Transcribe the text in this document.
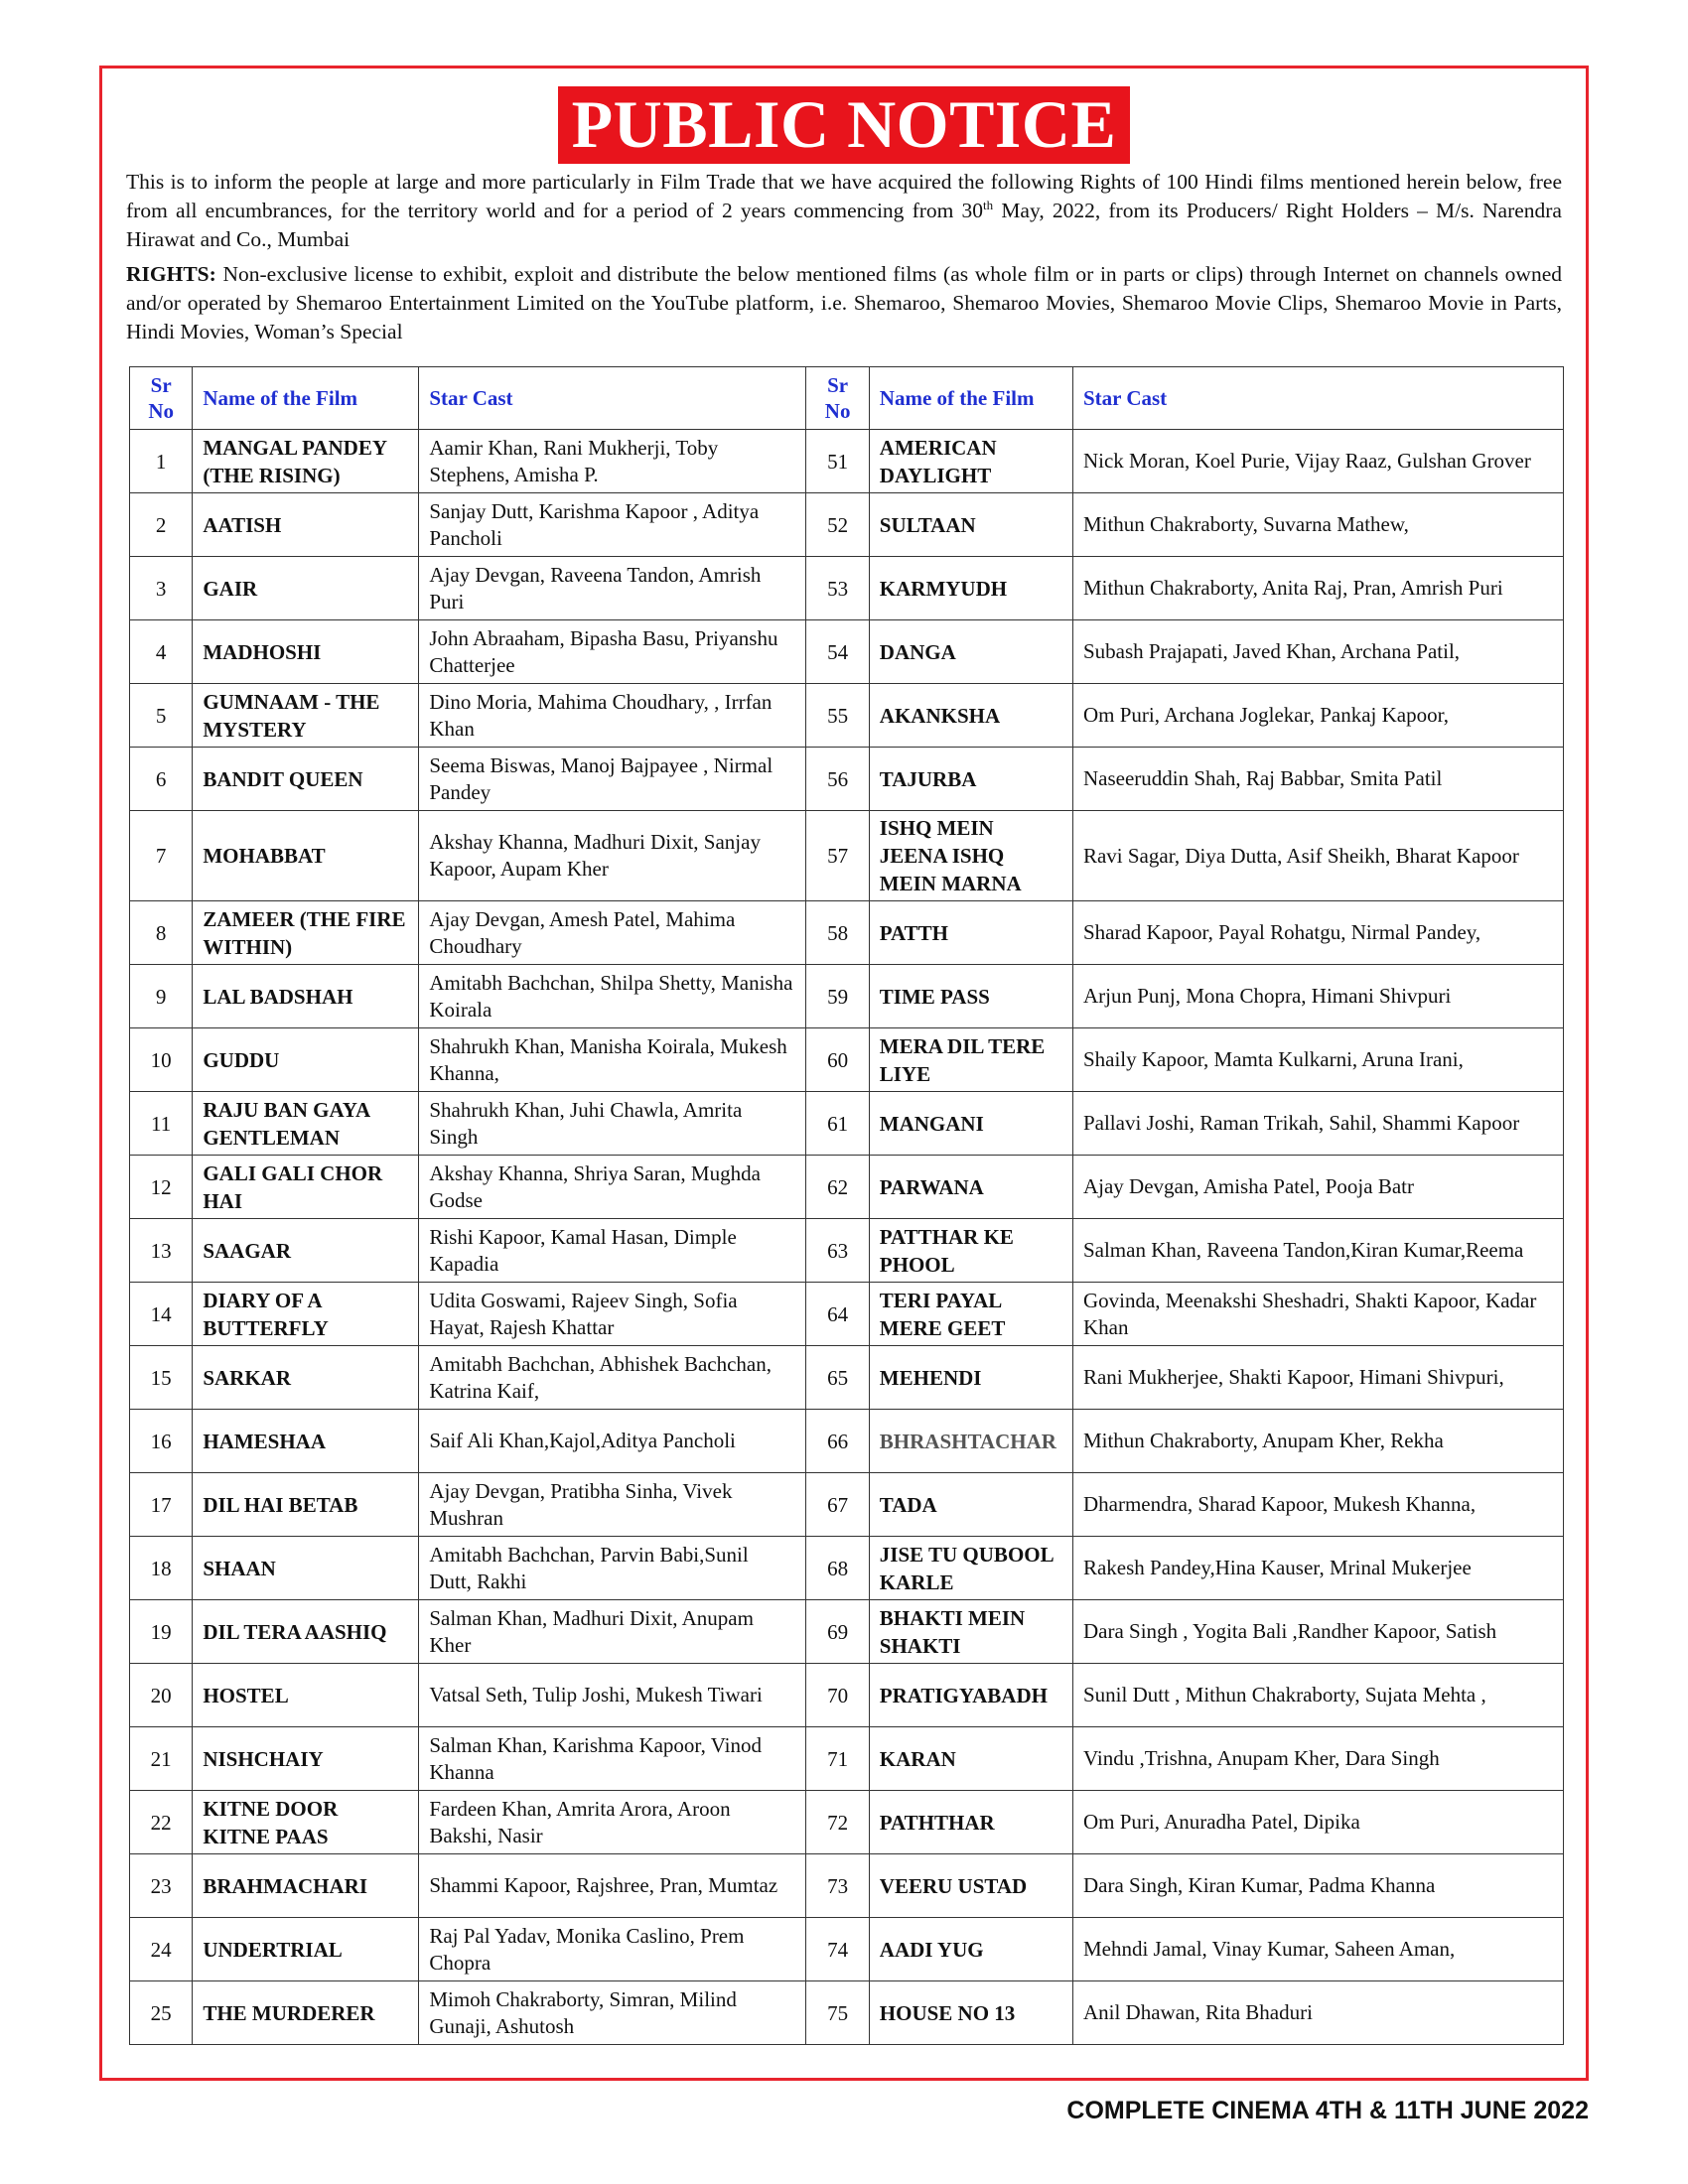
PUBLIC NOTICE

This is to inform the people at large and more particularly in Film Trade that we have acquired the following Rights of 100 Hindi films mentioned herein below, free from all encumbrances, for the territory world and for a period of 2 years commencing from 30th May, 2022, from its Producers/ Right Holders – M/s. Narendra Hirawat and Co., Mumbai

RIGHTS: Non-exclusive license to exhibit, exploit and distribute the below mentioned films (as whole film or in parts or clips) through Internet on channels owned and/or operated by Shemaroo Entertainment Limited on the YouTube platform, i.e. Shemaroo, Shemaroo Movies, Shemaroo Movie Clips, Shemaroo Movie in Parts, Hindi Movies, Woman’s Special

Sr
No	Name of the Film	Star Cast	Sr
No	Name of the Film	Star Cast
1	MANGAL PANDEY (THE RISING)	Aamir Khan, Rani Mukherji, Toby Stephens, Amisha P.	51	AMERICAN DAYLIGHT	Nick Moran, Koel Purie, Vijay Raaz, Gulshan Grover
2	AATISH	Sanjay Dutt, Karishma Kapoor , Aditya Pancholi	52	SULTAAN	Mithun Chakraborty, Suvarna Mathew,
3	GAIR	Ajay Devgan, Raveena Tandon, Amrish Puri	53	KARMYUDH	Mithun Chakraborty, Anita Raj, Pran, Amrish Puri
4	MADHOSHI	John Abraaham, Bipasha Basu, Priyanshu Chatterjee	54	DANGA	Subash Prajapati, Javed Khan, Archana Patil,
5	GUMNAAM - THE MYSTERY	Dino Moria, Mahima Choudhary, , Irrfan Khan	55	AKANKSHA	Om Puri, Archana Joglekar, Pankaj Kapoor,
6	BANDIT QUEEN	Seema Biswas, Manoj Bajpayee , Nirmal Pandey	56	TAJURBA	Naseeruddin Shah, Raj Babbar, Smita Patil
7	MOHABBAT	Akshay Khanna, Madhuri Dixit, Sanjay Kapoor, Aupam Kher	57	ISHQ MEIN JEENA ISHQ MEIN MARNA	Ravi Sagar, Diya Dutta, Asif Sheikh, Bharat Kapoor
8	ZAMEER (THE FIRE WITHIN)	Ajay Devgan, Amesh Patel, Mahima Choudhary	58	PATTH	Sharad Kapoor, Payal Rohatgu, Nirmal Pandey,
9	LAL BADSHAH	Amitabh Bachchan, Shilpa Shetty, Manisha Koirala	59	TIME PASS	Arjun Punj, Mona Chopra, Himani Shivpuri
10	GUDDU	Shahrukh Khan, Manisha Koirala, Mukesh Khanna,	60	MERA DIL TERE LIYE	Shaily Kapoor, Mamta Kulkarni, Aruna Irani,
11	RAJU BAN GAYA GENTLEMAN	Shahrukh Khan, Juhi Chawla, Amrita Singh	61	MANGANI	Pallavi Joshi, Raman Trikah, Sahil, Shammi Kapoor
12	GALI GALI CHOR HAI	Akshay Khanna, Shriya Saran, Mughda Godse	62	PARWANA	Ajay Devgan, Amisha Patel, Pooja Batr
13	SAAGAR	Rishi Kapoor, Kamal Hasan, Dimple Kapadia	63	PATTHAR KE PHOOL	Salman Khan, Raveena Tandon,Kiran Kumar,Reema
14	DIARY OF A BUTTERFLY	Udita Goswami, Rajeev Singh, Sofia Hayat, Rajesh Khattar	64	TERI PAYAL MERE GEET	Govinda, Meenakshi Sheshadri, Shakti Kapoor, Kadar Khan
15	SARKAR	Amitabh Bachchan, Abhishek Bachchan, Katrina Kaif,	65	MEHENDI	Rani Mukherjee, Shakti Kapoor, Himani Shivpuri,
16	HAMESHAA	Saif Ali Khan,Kajol,Aditya Pancholi	66	BHRASHTACHAR	Mithun Chakraborty, Anupam Kher, Rekha
17	DIL HAI BETAB	Ajay Devgan, Pratibha Sinha, Vivek Mushran	67	TADA	Dharmendra, Sharad Kapoor, Mukesh Khanna,
18	SHAAN	Amitabh Bachchan, Parvin Babi,Sunil Dutt, Rakhi	68	JISE TU QUBOOL KARLE	Rakesh Pandey,Hina Kauser, Mrinal Mukerjee
19	DIL TERA AASHIQ	Salman Khan, Madhuri Dixit, Anupam Kher	69	BHAKTI MEIN SHAKTI	Dara Singh , Yogita Bali ,Randher Kapoor, Satish
20	HOSTEL	Vatsal Seth, Tulip Joshi, Mukesh Tiwari	70	PRATIGYABADH	Sunil Dutt , Mithun Chakraborty, Sujata Mehta ,
21	NISHCHAIY	Salman Khan, Karishma Kapoor, Vinod Khanna	71	KARAN	Vindu ,Trishna, Anupam Kher, Dara Singh
22	KITNE DOOR KITNE PAAS	Fardeen Khan, Amrita Arora, Aroon Bakshi, Nasir	72	PATHTHAR	Om Puri, Anuradha Patel, Dipika
23	BRAHMACHARI	Shammi Kapoor, Rajshree, Pran, Mumtaz	73	VEERU USTAD	Dara Singh, Kiran Kumar, Padma Khanna
24	UNDERTRIAL	Raj Pal Yadav, Monika Caslino, Prem Chopra	74	AADI YUG	Mehndi Jamal, Vinay Kumar, Saheen Aman,
25	THE MURDERER	Mimoh Chakraborty, Simran, Milind Gunaji, Ashutosh	75	HOUSE NO 13	Anil Dhawan, Rita Bhaduri
COMPLETE CINEMA 4TH & 11TH JUNE 2022
